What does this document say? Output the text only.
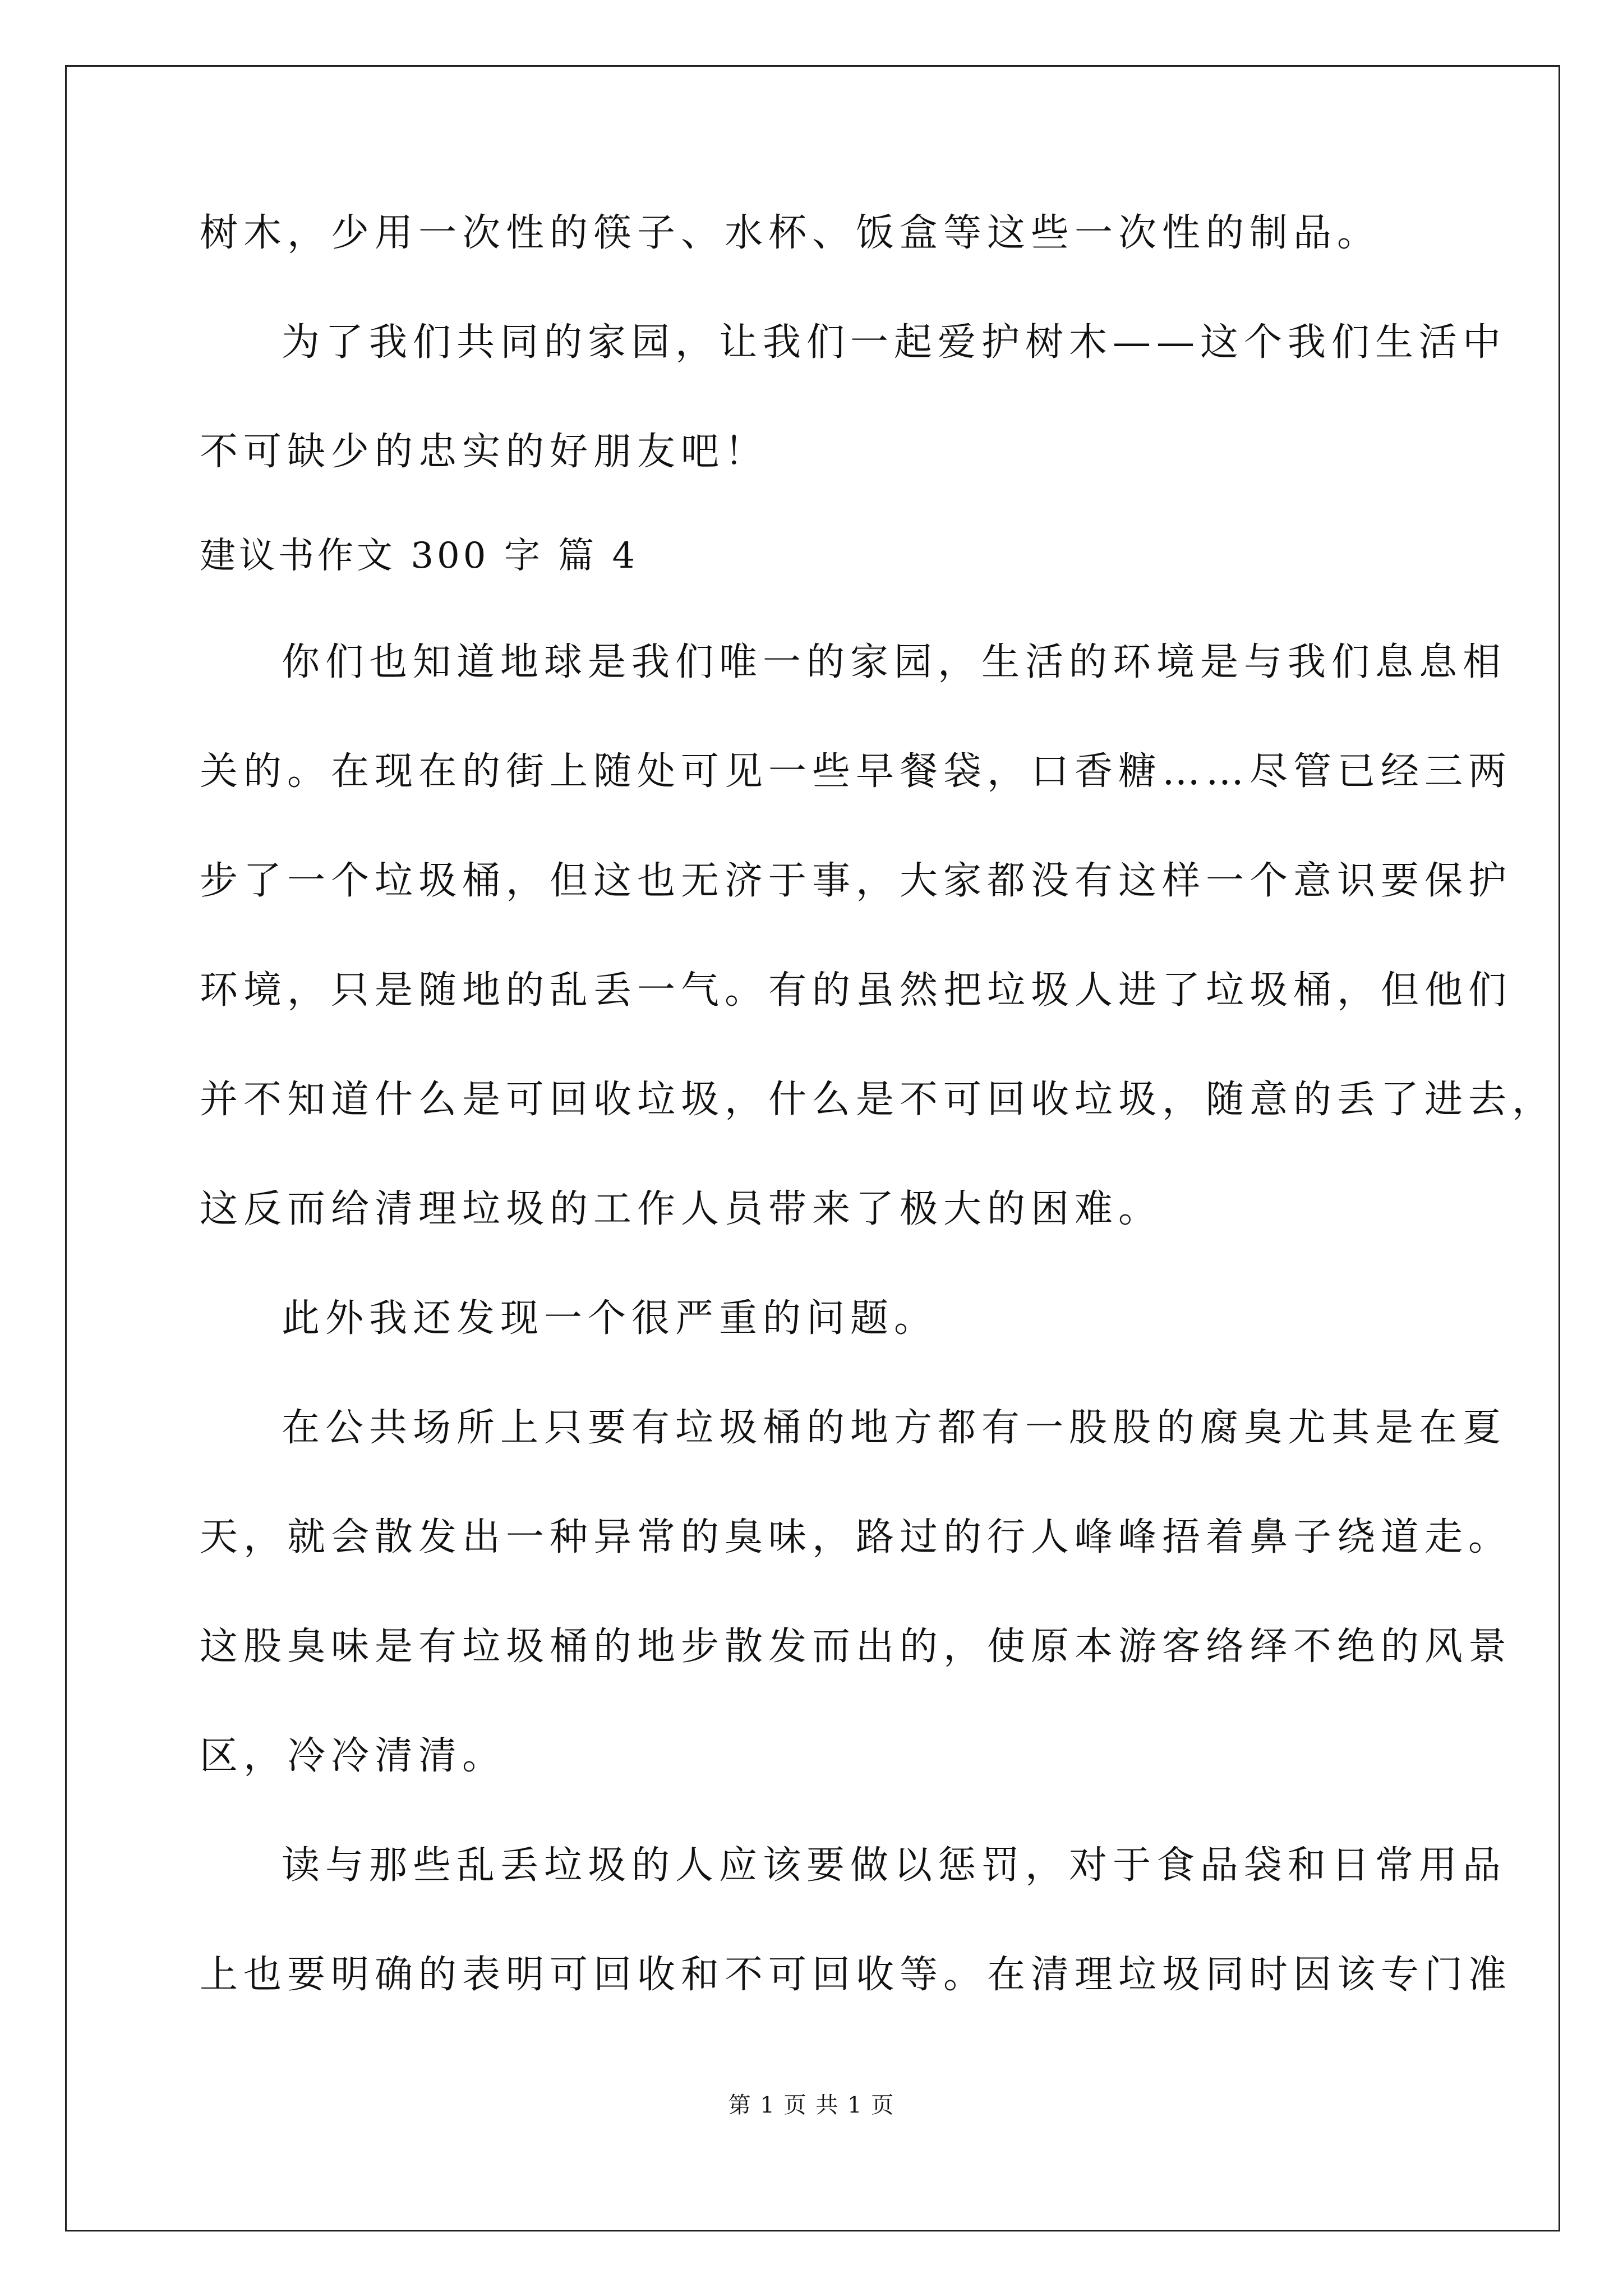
树木，少用一次性的筷子、水杯、饭盒等这些一次性的制品。
为了我们共同的家园，让我们一起爱护树木——这个我们生活中
不可缺少的忠实的好朋友吧！
建议书作文 300 字 篇 4
你们也知道地球是我们唯一的家园，生活的环境是与我们息息相
关的。在现在的街上随处可见一些早餐袋，口香糖……尽管已经三两
步了一个垃圾桶，但这也无济于事，大家都没有这样一个意识要保护
环境，只是随地的乱丢一气。有的虽然把垃圾人进了垃圾桶，但他们
并不知道什么是可回收垃圾，什么是不可回收垃圾，随意的丢了进去，
这反而给清理垃圾的工作人员带来了极大的困难。
此外我还发现一个很严重的问题。
在公共场所上只要有垃圾桶的地方都有一股股的腐臭尤其是在夏
天，就会散发出一种异常的臭味，路过的行人峰峰捂着鼻子绕道走。
这股臭味是有垃圾桶的地步散发而出的，使原本游客络绎不绝的风景
区，冷冷清清。
读与那些乱丢垃圾的人应该要做以惩罚，对于食品袋和日常用品
上也要明确的表明可回收和不可回收等。在清理垃圾同时因该专门准
第 1 页 共 1 页
